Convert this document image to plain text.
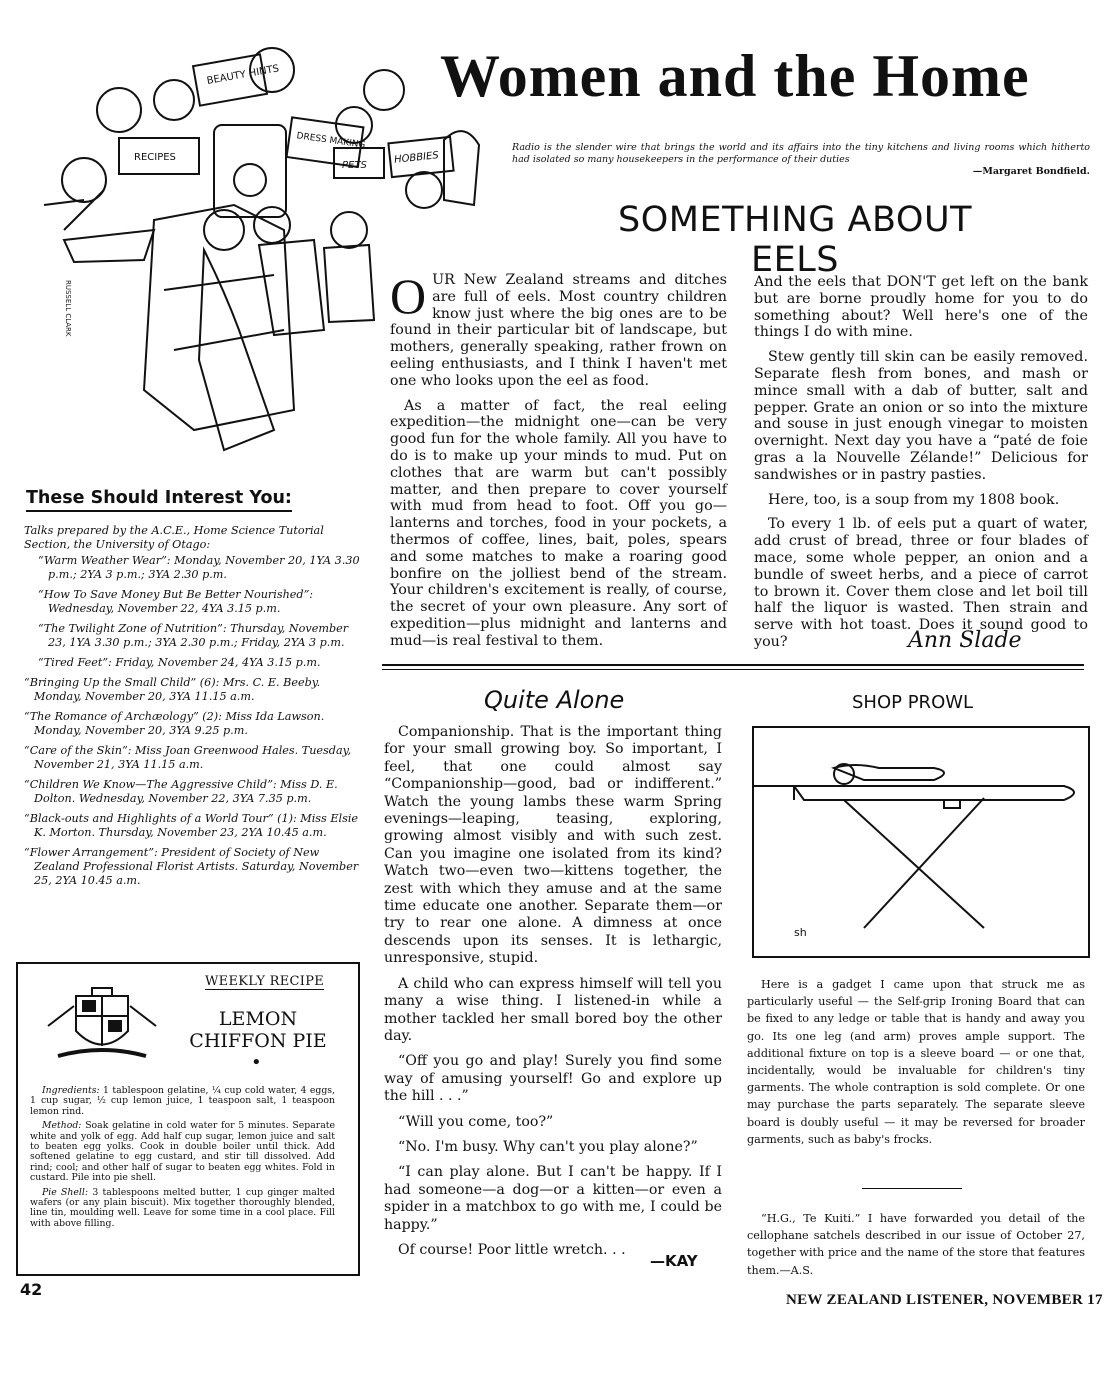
Women and the Home
Radio is the slender wire that brings the world and its affairs into the tiny kitchens and living rooms which hitherto had isolated so many housekeepers in the performance of their duties
—Margaret Bondfield.
BEAUTY HINTS
RECIPES
DRESS MAKING
PETS	HOBBIES
RUSSELL CLARK
SOMETHING ABOUT EELS

OUR New Zealand streams and ditches are full of eels. Most country children know just where the big ones are to be found in their particular bit of landscape, but mothers, generally speaking, rather frown on eeling enthusiasts, and I think I haven't met one who looks upon the eel as food.

As a matter of fact, the real eeling expedition—the midnight one—can be very good fun for the whole family. All you have to do is to make up your minds to mud. Put on clothes that are warm but can't possibly matter, and then prepare to cover yourself with mud from head to foot. Off you go—lanterns and torches, food in your pockets, a thermos of coffee, lines, bait, poles, spears and some matches to make a roaring good bonfire on the jolliest bend of the stream. Your children's excitement is really, of course, the secret of your own pleasure. Any sort of expedition—plus midnight and lanterns and mud—is real festival to them.

And the eels that DON'T get left on the bank but are borne proudly home for you to do something about? Well here's one of the things I do with mine.

Stew gently till skin can be easily removed. Separate flesh from bones, and mash or mince small with a dab of butter, salt and pepper. Grate an onion or so into the mixture and souse in just enough vinegar to moisten overnight. Next day you have a “paté de foie gras a la Nouvelle Zélande!” Delicious for sandwishes or in pastry pasties.

Here, too, is a soup from my 1808 book.

To every 1 lb. of eels put a quart of water, add crust of bread, three or four blades of mace, some whole pepper, an onion and a bundle of sweet herbs, and a piece of carrot to brown it. Cover them close and let boil till half the liquor is wasted. Then strain and serve with hot toast. Does it sound good to you?	Ann Slade
These Should Interest You:
Talks prepared by the A.C.E., Home Science Tutorial Section, the University of Otago:
“Warm Weather Wear”: Monday, November 20, 1YA 3.30 p.m.; 2YA 3 p.m.; 3YA 2.30 p.m.
“How To Save Money But Be Better Nourished”: Wednesday, November 22, 4YA 3.15 p.m.
“The Twilight Zone of Nutrition”: Thursday, November 23, 1YA 3.30 p.m.; 3YA 2.30 p.m.; Friday, 2YA 3 p.m.
“Tired Feet”: Friday, November 24, 4YA 3.15 p.m.
“Bringing Up the Small Child” (6): Mrs. C. E. Beeby. Monday, November 20, 3YA 11.15 a.m.
“The Romance of Archæology” (2): Miss Ida Lawson. Monday, November 20, 3YA 9.25 p.m.
“Care of the Skin”: Miss Joan Greenwood Hales. Tuesday, November 21, 3YA 11.15 a.m.
“Children We Know—The Aggressive Child”: Miss D. E. Dolton. Wednesday, November 22, 3YA 7.35 p.m.
“Black-outs and Highlights of a World Tour” (1): Miss Elsie K. Morton. Thursday, November 23, 2YA 10.45 a.m.
“Flower Arrangement”: President of Society of New Zealand Professional Florist Artists. Saturday, November 25, 2YA 10.45 a.m.
WEEKLY RECIPE
LEMON CHIFFON PIE
•

Ingredients: 1 tablespoon gelatine, ¼ cup cold water, 4 eggs, 1 cup sugar, ½ cup lemon juice, 1 teaspoon salt, 1 teaspoon lemon rind.

Method: Soak gelatine in cold water for 5 minutes. Separate white and yolk of egg. Add half cup sugar, lemon juice and salt to beaten egg yolks. Cook in double boiler until thick. Add softened gelatine to egg custard, and stir till dissolved. Add rind; cool; and other half of sugar to beaten egg whites. Fold in custard. Pile into pie shell.

Pie Shell: 3 tablespoons melted butter, 1 cup ginger malted wafers (or any plain biscuit). Mix together thoroughly blended, line tin, moulding well. Leave for some time in a cool place. Fill with above filling.

Quite Alone

Companionship. That is the important thing for your small growing boy. So important, I feel, that one could almost say “Companionship—good, bad or indifferent.” Watch the young lambs these warm Spring evenings—leaping, teasing, exploring, growing almost visibly and with such zest. Can you imagine one isolated from its kind? Watch two—even two—kittens together, the zest with which they amuse and at the same time educate one another. Separate them—or try to rear one alone. A dimness at once descends upon its senses. It is lethargic, unresponsive, stupid.

A child who can express himself will tell you many a wise thing. I listened-in while a mother tackled her small bored boy the other day.

“Off you go and play! Surely you find some way of amusing yourself! Go and explore up the hill . . .”

“Will you come, too?”

“No. I'm busy. Why can't you play alone?”

“I can play alone. But I can't be happy. If I had someone—a dog—or a kitten—or even a spider in a matchbox to go with me, I could be happy.”

Of course! Poor little wretch. . .

—KAY
SHOP PROWL
sh

Here is a gadget I came upon that struck me as particularly useful — the Self-grip Ironing Board that can be fixed to any ledge or table that is handy and away you go. Its one leg (and arm) proves ample support. The additional fixture on top is a sleeve board — or one that, incidentally, would be invaluable for children's tiny garments. The whole contraption is sold complete. Or one may purchase the parts separately. The separate sleeve board is doubly useful — it may be reversed for broader garments, such as baby's frocks.

“H.G., Te Kuiti.” I have forwarded you detail of the cellophane satchels described in our issue of October 27, together with price and the name of the store that features them.—A.S.

42
NEW ZEALAND LISTENER, NOVEMBER 17
